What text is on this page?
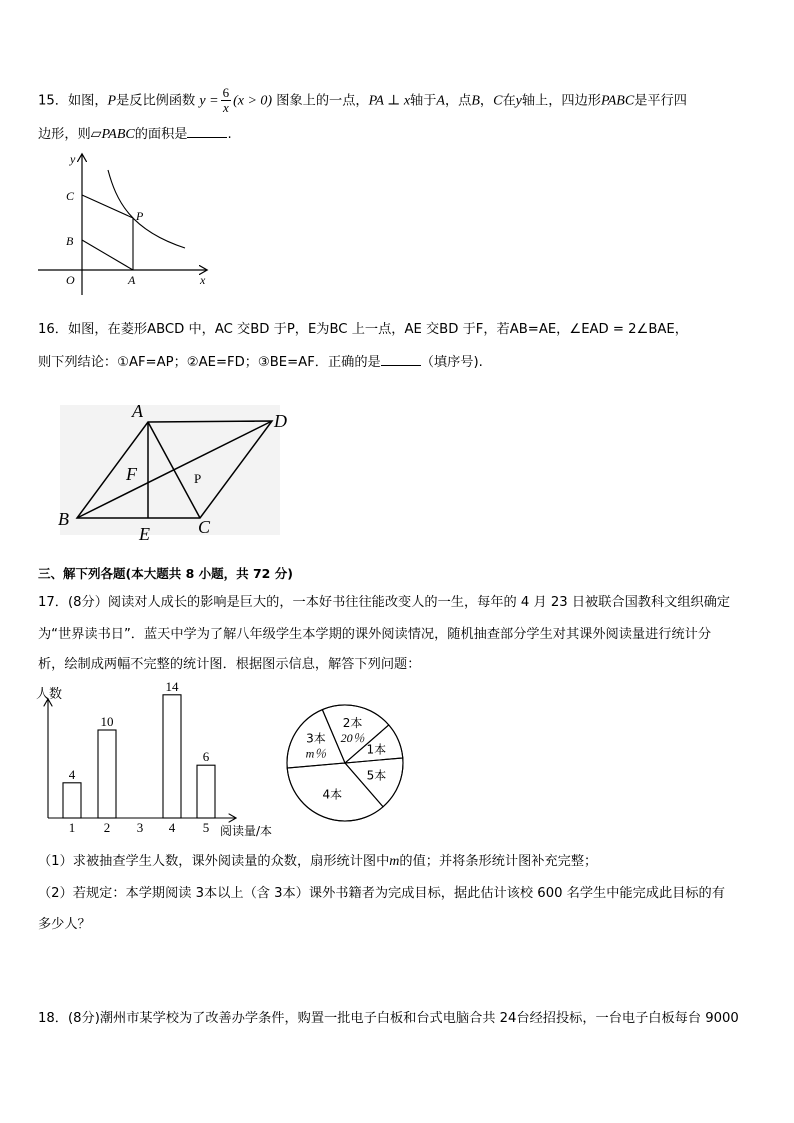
15．如图，P是反比例函数 $y = \frac{6}{x} (x > 0)$ 图象上的一点，PA ⊥ x轴于A，点B，C在y轴上，四边形PABC是平行四
边形，则▱PABC的面积是	.
y
C
P
B
O	A	x
16．如图，在菱形ABCD 中，AC 交BD 于P，E为BC 上一点，AE 交BD 于F，若AB=AE，∠EAD = 2∠BAE，
则下列结论：①AF=AP；②AE=FD；③BE=AF．正确的是	（填序号).
A	D
F	P
B	C
E
三、解下列各题(本大题共 8 小题，共 72 分)
17．(8分）阅读对人成长的影响是巨大的，一本好书往往能改变人的一生，每年的 4 月 23 日被联合国教科文组织确定
为“世界读书日”．蓝天中学为了解八年级学生本学期的课外阅读情况，随机抽查部分学生对其课外阅读量进行统计分
析，绘制成两幅不完整的统计图．根据图示信息，解答下列问题：
人数
阅读量/本
4
1
10
2 3
14
4
6
5
2本
20％
1本
5本
4本
3本
m％
（1）求被抽查学生人数，课外阅读量的众数，扇形统计图中m的值；并将条形统计图补充完整；
（2）若规定：本学期阅读 3本以上（含 3本）课外书籍者为完成目标，据此估计该校 600 名学生中能完成此目标的有
多少人？
18．(8分)潮州市某学校为了改善办学条件，购置一批电子白板和台式电脑合共 24台经招投标，一台电子白板每台 9000
